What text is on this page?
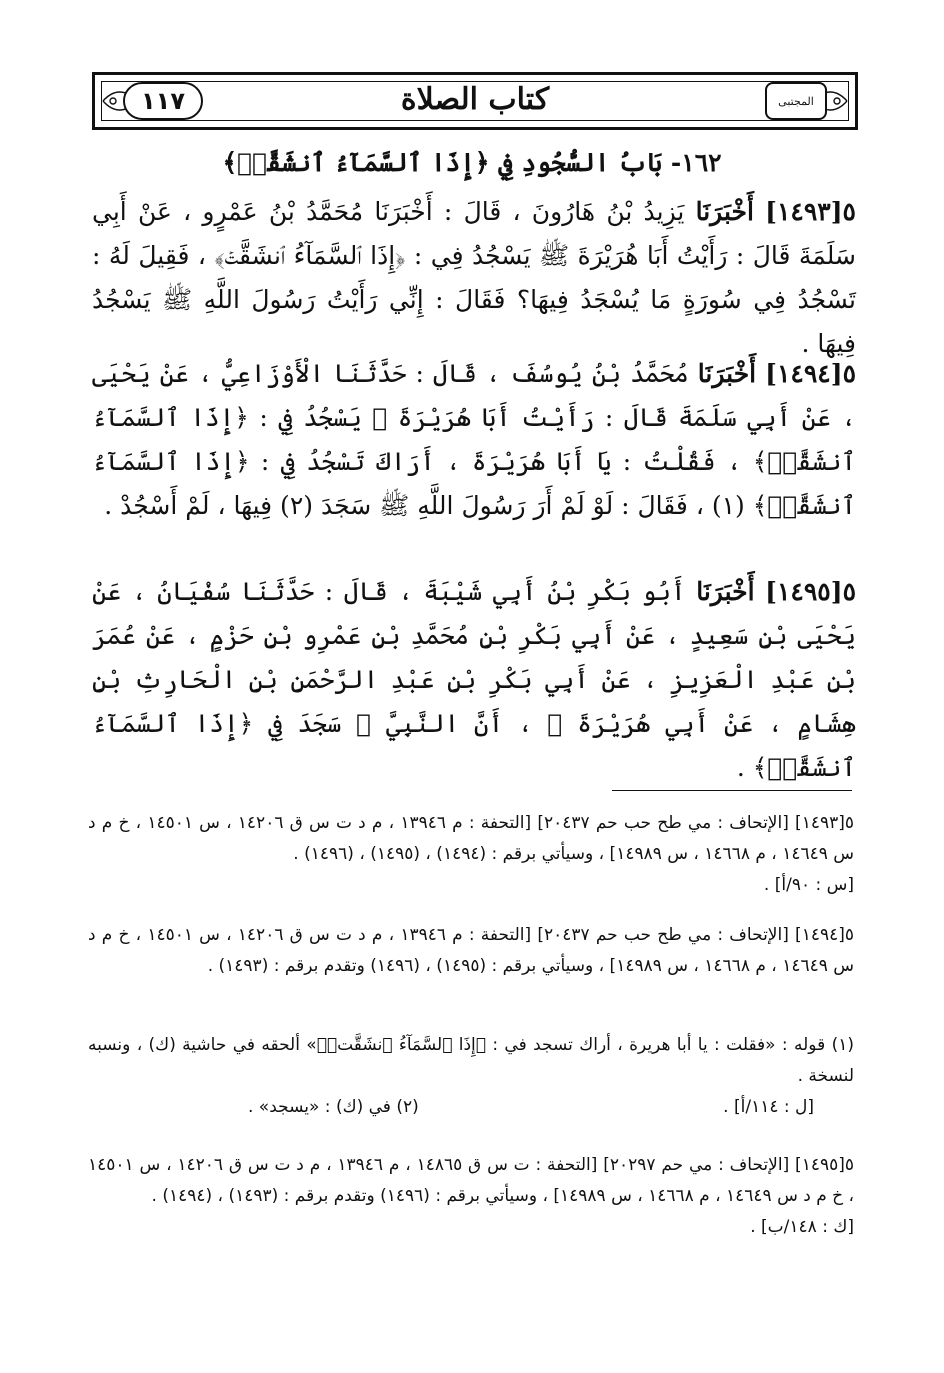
١١٧	كتاب الصلاة	المجتبى
١٦٢- بَابُ السُّجُودِ فِي ﴿إِذَا ٱلسَّمَآءُ ٱنشَقَّتۡ﴾
٥[١٤٩٣] أَخْبَرَنَا يَزِيدُ بْنُ هَارُونَ ، قَالَ : أَخْبَرَنَا مُحَمَّدُ بْنُ عَمْرٍو ، عَنْ أَبِي سَلَمَةَ قَالَ : رَأَيْتُ أَبَا هُرَيْرَةَ ﷺ يَسْجُدُ فِي : ﴿إِذَا ٱلسَّمَآءُ ٱنشَقَّتۡ﴾ ، فَقِيلَ لَهُ : تَسْجُدُ فِي سُورَةٍ مَا يُسْجَدُ فِيهَا؟ فَقَالَ : إِنِّي رَأَيْتُ رَسُولَ اللَّهِ ﷺ يَسْجُدُ فِيهَا .
٥[١٤٩٤] أَخْبَرَنَا مُحَمَّدُ بْنُ يُوسُفَ ، قَالَ : حَدَّثَنَا الْأَوْزَاعِيُّ ، عَنْ يَحْيَى ، عَنْ أَبِي سَلَمَةَ قَالَ : رَأَيْتُ أَبَا هُرَيْرَةَ ﷺ يَسْجُدُ فِي : ﴿إِذَا ٱلسَّمَآءُ ٱنشَقَّتۡ﴾ ، فَقُلْتُ : يَا أَبَا هُرَيْرَةَ ، أَرَاكَ تَسْجُدُ فِي : ﴿إِذَا ٱلسَّمَآءُ ٱنشَقَّتۡ﴾ (١) ، فَقَالَ : لَوْ لَمْ أَرَ رَسُولَ اللَّهِ ﷺ سَجَدَ (٢) فِيهَا ، لَمْ أَسْجُدْ .
٥[١٤٩٥] أَخْبَرَنَا أَبُو بَكْرِ بْنُ أَبِي شَيْبَةَ ، قَالَ : حَدَّثَنَا سُفْيَانُ ، عَنْ يَحْيَى بْنِ سَعِيدٍ ، عَنْ أَبِي بَكْرِ بْنِ مُحَمَّدِ بْنِ عَمْرِو بْنِ حَزْمٍ ، عَنْ عُمَرَ بْنِ عَبْدِ الْعَزِيزِ ، عَنْ أَبِي بَكْرِ بْنِ عَبْدِ الرَّحْمَنِ بْنِ الْحَارِثِ بْنِ هِشَامٍ ، عَنْ أَبِي هُرَيْرَةَ ﷺ ، أَنَّ النَّبِيَّ ﷺ سَجَدَ فِي ﴿إِذَا ٱلسَّمَآءُ ٱنشَقَّتۡ﴾ .
٥[١٤٩٣] [الإتحاف : مي طح حب حم ٢٠٤٣٧] [التحفة : م ١٣٩٤٦ ، م د ت س ق ١٤٢٠٦ ، س ١٤٥٠١ ، خ م د س ١٤٦٤٩ ، م ١٤٦٦٨ ، س ١٤٩٨٩] ، وسيأتي برقم : (١٤٩٤) ، (١٤٩٥) ، (١٤٩٦) .
[س : ٩٠/أ] .
٥[١٤٩٤] [الإتحاف : مي طح حب حم ٢٠٤٣٧] [التحفة : م ١٣٩٤٦ ، م د ت س ق ١٤٢٠٦ ، س ١٤٥٠١ ، خ م د س ١٤٦٤٩ ، م ١٤٦٦٨ ، س ١٤٩٨٩] ، وسيأتي برقم : (١٤٩٥) ، (١٤٩٦) وتقدم برقم : (١٤٩٣) .
(١) قوله : «فقلت : يا أبا هريرة ، أراك تسجد في : ﴿إِذَا ٱلسَّمَآءُ ٱنشَقَّتۡ﴾» ألحقه في حاشية (ك) ، ونسبه لنسخة .
[ل : ١١٤/أ] .
(٢) في (ك) : «يسجد» .
٥[١٤٩٥] [الإتحاف : مي حم ٢٠٢٩٧] [التحفة : ت س ق ١٤٨٦٥ ، م ١٣٩٤٦ ، م د ت س ق ١٤٢٠٦ ، س ١٤٥٠١ ، خ م د س ١٤٦٤٩ ، م ١٤٦٦٨ ، س ١٤٩٨٩] ، وسيأتي برقم : (١٤٩٦) وتقدم برقم : (١٤٩٣) ، (١٤٩٤) .
[ك : ١٤٨/ب] .
